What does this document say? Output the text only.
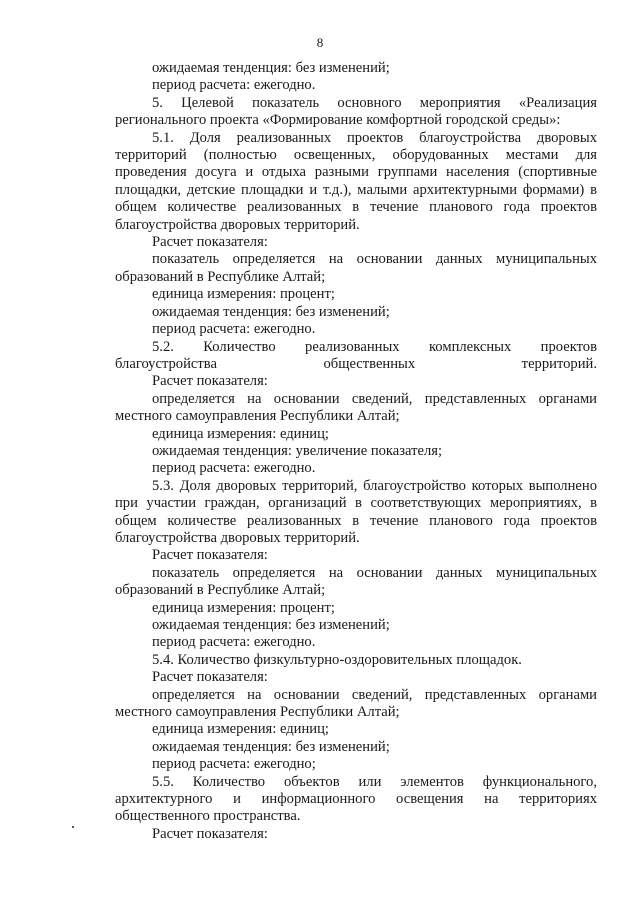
8

ожидаемая тенденция: без изменений;

период расчета: ежегодно.

5. Целевой показатель основного мероприятия «Реализация регионального проекта «Формирование комфортной городской среды»:

5.1. Доля реализованных проектов благоустройства дворовых территорий (полностью освещенных, оборудованных местами для проведения досуга и отдыха разными группами населения (спортивные площадки, детские площадки и т.д.), малыми архитектурными формами) в общем количестве реализованных в течение планового года проектов благоустройства дворовых территорий.

Расчет показателя:

показатель определяется на основании данных муниципальных образований в Республике Алтай;

единица измерения: процент;

ожидаемая тенденция: без изменений;

период расчета: ежегодно.

5.2. Количество реализованных комплексных проектов благоустройства общественных территорий.

Расчет показателя:

определяется на основании сведений, представленных органами местного самоуправления Республики Алтай;

единица измерения: единиц;

ожидаемая тенденция: увеличение показателя;

период расчета: ежегодно.

5.3. Доля дворовых территорий, благоустройство которых выполнено при участии граждан, организаций в соответствующих мероприятиях, в общем количестве реализованных в течение планового года проектов благоустройства дворовых территорий.

Расчет показателя:

показатель определяется на основании данных муниципальных образований в Республике Алтай;

единица измерения: процент;

ожидаемая тенденция: без изменений;

период расчета: ежегодно.

5.4. Количество физкультурно-оздоровительных площадок.

Расчет показателя:

определяется на основании сведений, представленных органами местного самоуправления Республики Алтай;

единица измерения: единиц;

ожидаемая тенденция: без изменений;

период расчета: ежегодно;

5.5. Количество объектов или элементов функционального, архитектурного и информационного освещения на территориях общественного пространства.

Расчет показателя:
